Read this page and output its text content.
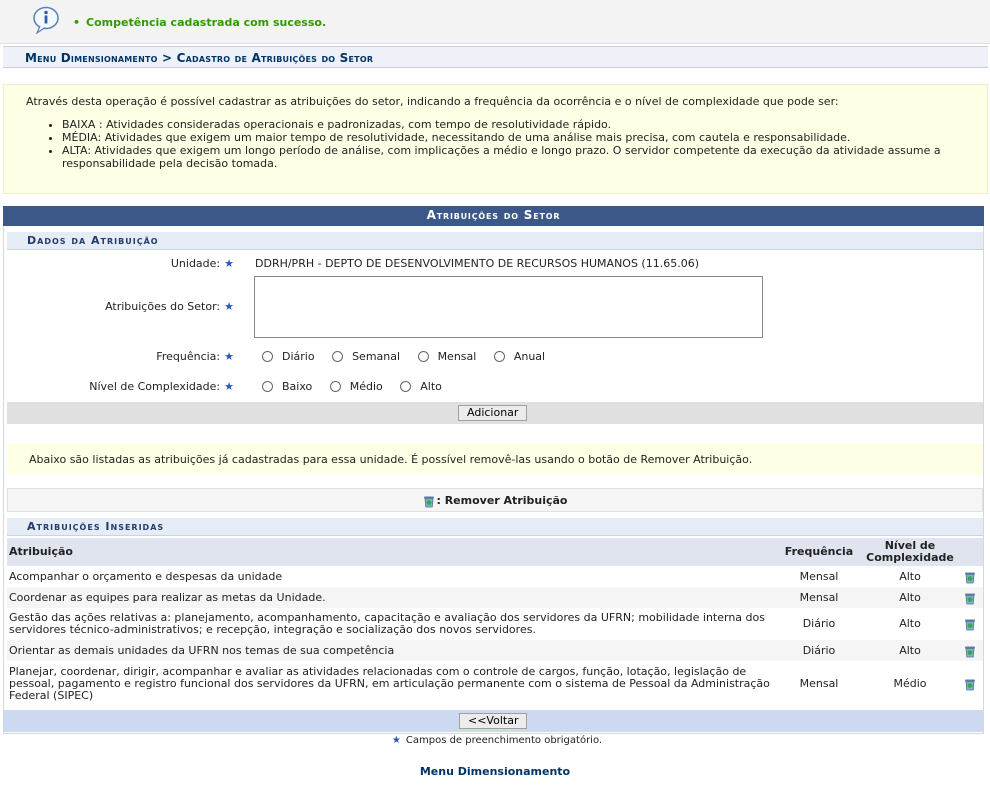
• Competência cadastrada com sucesso.
Menu Dimensionamento > Cadastro de Atribuições do Setor
Através desta operação é possível cadastrar as atribuições do setor, indicando a frequência da ocorrência e o nível de complexidade que pode ser:
• BAIXA : Atividades consideradas operacionais e padronizadas, com tempo de resolutividade rápido.
• MÉDIA: Atividades que exigem um maior tempo de resolutividade, necessitando de uma análise mais precisa, com cautela e responsabilidade.
• ALTA: Atividades que exigem um longo período de análise, com implicações a médio e longo prazo. O servidor competente da execução da atividade assume a responsabilidade pela decisão tomada.
Atribuições do Setor
Dados da Atribuição
Unidade: ★ DDRH/PRH - DEPTO DE DESENVOLVIMENTO DE RECURSOS HUMANOS (11.65.06)
Atribuições do Setor: ★
Frequência: ★	Diário
	Semanal
	Mensal
	Anual
Nível de Complexidade: ★	Baixo
	Médio
	Alto
Adicionar
Abaixo são listadas as atribuições já cadastradas para essa unidade. É possível removê-las usando o botão de Remover Atribuição.
: Remover Atribuição
Atribuições Inseridas
Atribuição	Frequência	Nível de Complexidade	
Acompanhar o orçamento e despesas da unidade	Mensal	Alto	
Coordenar as equipes para realizar as metas da Unidade.	Mensal	Alto	
Gestão das ações relativas a: planejamento, acompanhamento, capacitação e avaliação dos servidores da UFRN; mobilidade interna dos servidores técnico-administrativos; e recepção, integração e socialização dos novos servidores.	Diário	Alto	
Orientar as demais unidades da UFRN nos temas de sua competência	Diário	Alto	
Planejar, coordenar, dirigir, acompanhar e avaliar as atividades relacionadas com o controle de cargos, função, lotação, legislação de pessoal, pagamento e registro funcional dos servidores da UFRN, em articulação permanente com o sistema de Pessoal da Administração Federal (SIPEC)	Mensal	Médio	
<<Voltar
★ Campos de preenchimento obrigatório.
Menu Dimensionamento
